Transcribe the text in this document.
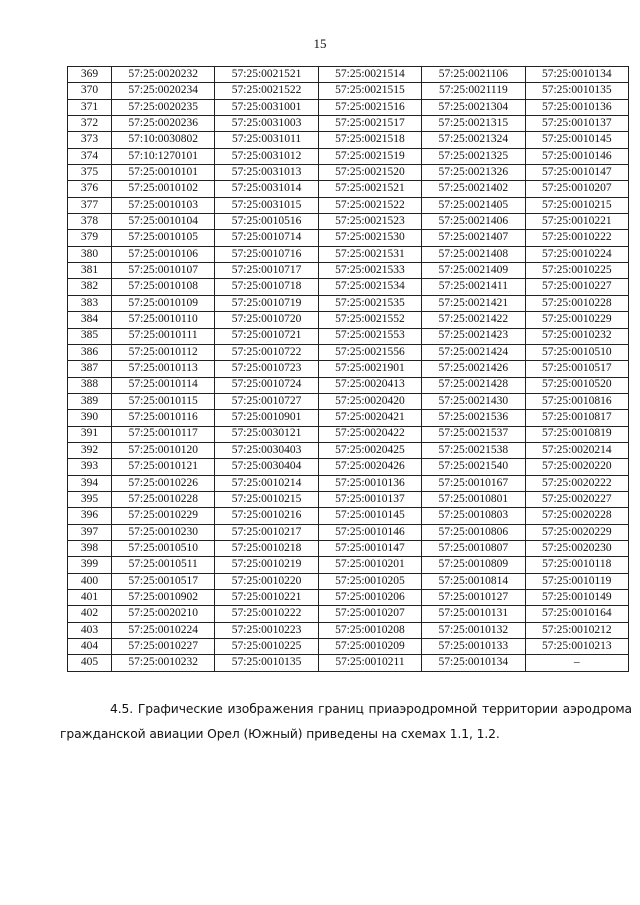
15
369	57:25:0020232	57:25:0021521	57:25:0021514	57:25:0021106	57:25:0010134
370	57:25:0020234	57:25:0021522	57:25:0021515	57:25:0021119	57:25:0010135
371	57:25:0020235	57:25:0031001	57:25:0021516	57:25:0021304	57:25:0010136
372	57:25:0020236	57:25:0031003	57:25:0021517	57:25:0021315	57:25:0010137
373	57:10:0030802	57:25:0031011	57:25:0021518	57:25:0021324	57:25:0010145
374	57:10:1270101	57:25:0031012	57:25:0021519	57:25:0021325	57:25:0010146
375	57:25:0010101	57:25:0031013	57:25:0021520	57:25:0021326	57:25:0010147
376	57:25:0010102	57:25:0031014	57:25:0021521	57:25:0021402	57:25:0010207
377	57:25:0010103	57:25:0031015	57:25:0021522	57:25:0021405	57:25:0010215
378	57:25:0010104	57:25:0010516	57:25:0021523	57:25:0021406	57:25:0010221
379	57:25:0010105	57:25:0010714	57:25:0021530	57:25:0021407	57:25:0010222
380	57:25:0010106	57:25:0010716	57:25:0021531	57:25:0021408	57:25:0010224
381	57:25:0010107	57:25:0010717	57:25:0021533	57:25:0021409	57:25:0010225
382	57:25:0010108	57:25:0010718	57:25:0021534	57:25:0021411	57:25:0010227
383	57:25:0010109	57:25:0010719	57:25:0021535	57:25:0021421	57:25:0010228
384	57:25:0010110	57:25:0010720	57:25:0021552	57:25:0021422	57:25:0010229
385	57:25:0010111	57:25:0010721	57:25:0021553	57:25:0021423	57:25:0010232
386	57:25:0010112	57:25:0010722	57:25:0021556	57:25:0021424	57:25:0010510
387	57:25:0010113	57:25:0010723	57:25:0021901	57:25:0021426	57:25:0010517
388	57:25:0010114	57:25:0010724	57:25:0020413	57:25:0021428	57:25:0010520
389	57:25:0010115	57:25:0010727	57:25:0020420	57:25:0021430	57:25:0010816
390	57:25:0010116	57:25:0010901	57:25:0020421	57:25:0021536	57:25:0010817
391	57:25:0010117	57:25:0030121	57:25:0020422	57:25:0021537	57:25:0010819
392	57:25:0010120	57:25:0030403	57:25:0020425	57:25:0021538	57:25:0020214
393	57:25:0010121	57:25:0030404	57:25:0020426	57:25:0021540	57:25:0020220
394	57:25:0010226	57:25:0010214	57:25:0010136	57:25:0010167	57:25:0020222
395	57:25:0010228	57:25:0010215	57:25:0010137	57:25:0010801	57:25:0020227
396	57:25:0010229	57:25:0010216	57:25:0010145	57:25:0010803	57:25:0020228
397	57:25:0010230	57:25:0010217	57:25:0010146	57:25:0010806	57:25:0020229
398	57:25:0010510	57:25:0010218	57:25:0010147	57:25:0010807	57:25:0020230
399	57:25:0010511	57:25:0010219	57:25:0010201	57:25:0010809	57:25:0010118
400	57:25:0010517	57:25:0010220	57:25:0010205	57:25:0010814	57:25:0010119
401	57:25:0010902	57:25:0010221	57:25:0010206	57:25:0010127	57:25:0010149
402	57:25:0020210	57:25:0010222	57:25:0010207	57:25:0010131	57:25:0010164
403	57:25:0010224	57:25:0010223	57:25:0010208	57:25:0010132	57:25:0010212
404	57:25:0010227	57:25:0010225	57:25:0010209	57:25:0010133	57:25:0010213
405	57:25:0010232	57:25:0010135	57:25:0010211	57:25:0010134	–

4.5. Графические изображения границ приаэродромной территории аэродрома гражданской авиации Орел (Южный) приведены на схемах 1.1, 1.2.
